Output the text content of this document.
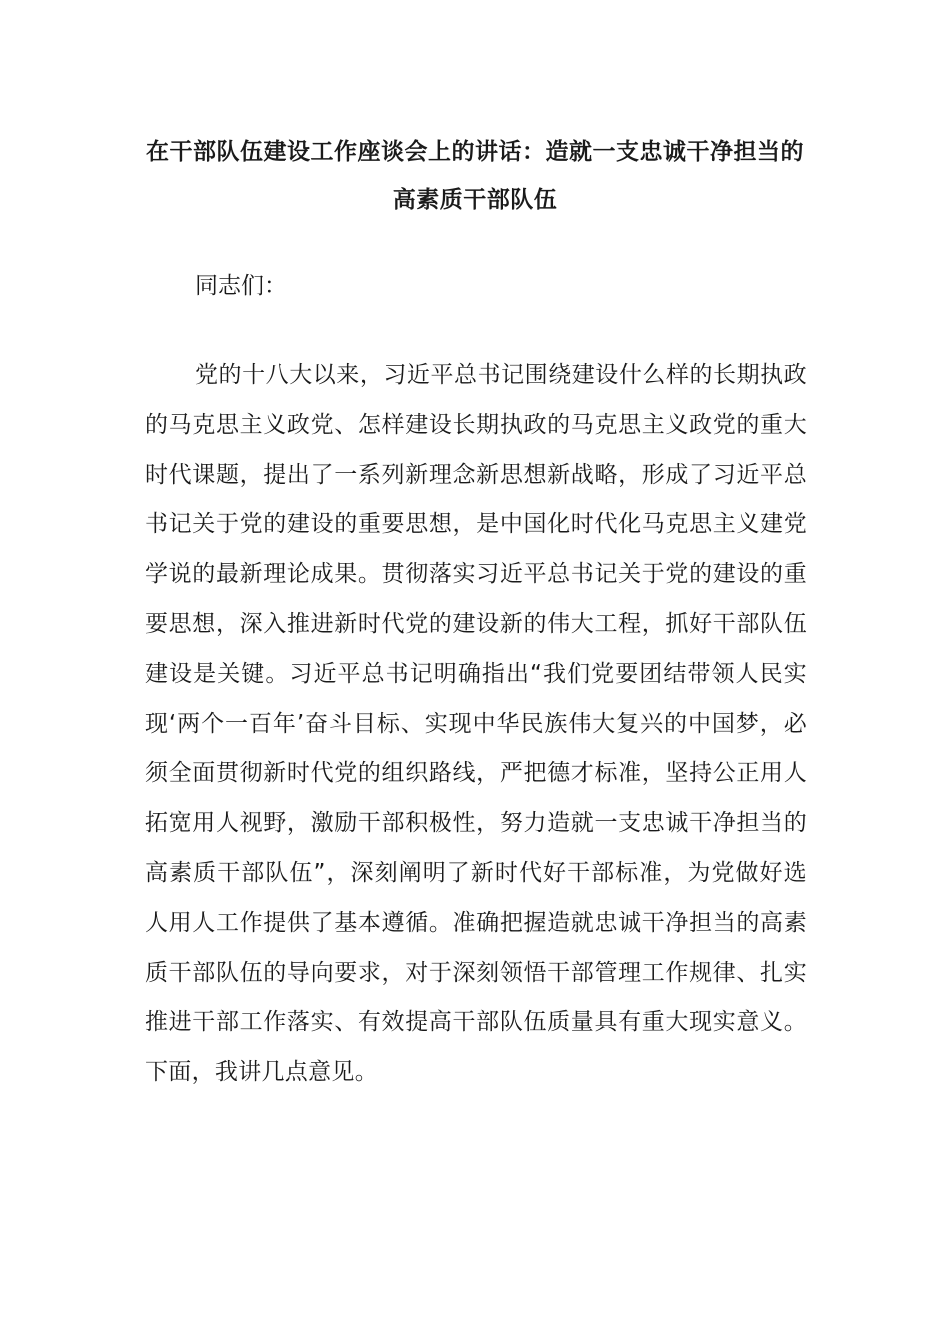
在干部队伍建设工作座谈会上的讲话：造就一支忠诚干净担当的高素质干部队伍

同志们：

党的十八大以来，习近平总书记围绕建设什么样的长期执政的马克思主义政党、怎样建设长期执政的马克思主义政党的重大时代课题，提出了一系列新理念新思想新战略，形成了习近平总书记关于党的建设的重要思想，是中国化时代化马克思主义建党学说的最新理论成果。贯彻落实习近平总书记关于党的建设的重要思想，深入推进新时代党的建设新的伟大工程，抓好干部队伍建设是关键。习近平总书记明确指出“我们党要团结带领人民实现‘两个一百年’奋斗目标、实现中华民族伟大复兴的中国梦，必须全面贯彻新时代党的组织路线，严把德才标准，坚持公正用人拓宽用人视野，激励干部积极性，努力造就一支忠诚干净担当的高素质干部队伍”，深刻阐明了新时代好干部标准，为党做好选人用人工作提供了基本遵循。准确把握造就忠诚干净担当的高素质干部队伍的导向要求，对于深刻领悟干部管理工作规律、扎实推进干部工作落实、有效提高干部队伍质量具有重大现实意义。下面，我讲几点意见。
